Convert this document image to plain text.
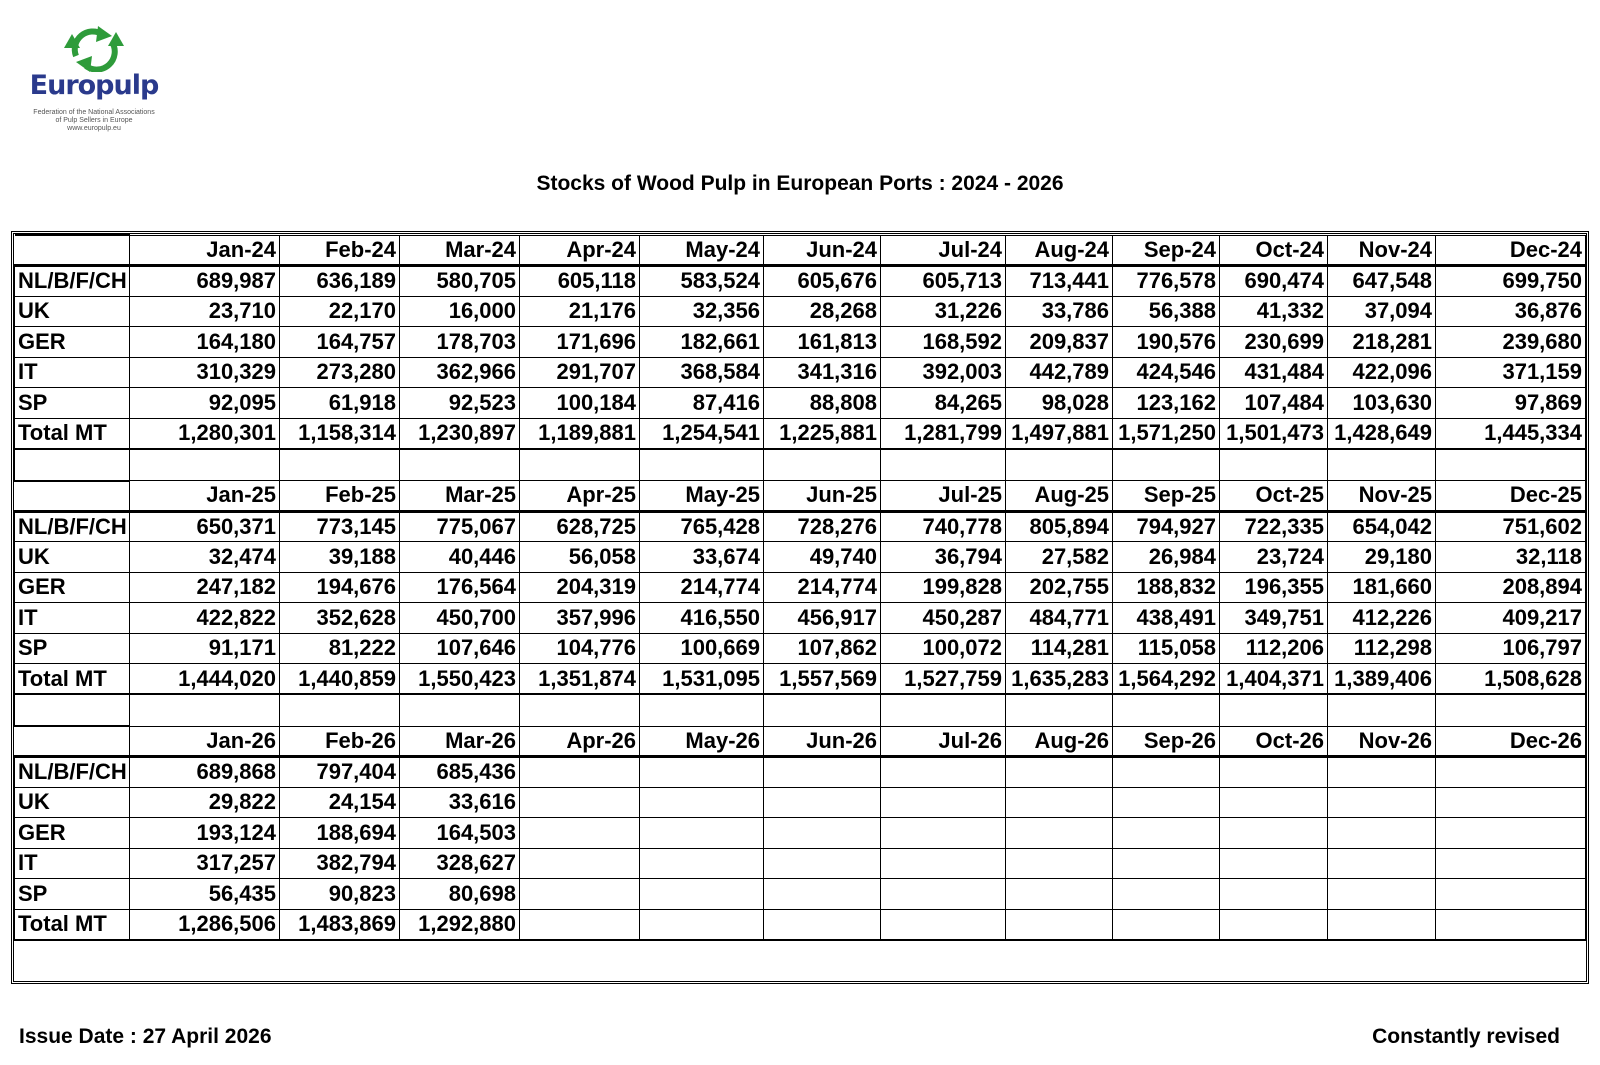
Europulp
Federation of the National Associations
of Pulp Sellers in Europe
www.europulp.eu
Stocks of Wood Pulp in European Ports : 2024 - 2026
	Jan-24	Feb-24	Mar-24	Apr-24	May-24	Jun-24	Jul-24	Aug-24	Sep-24	Oct-24	Nov-24	Dec-24
NL/B/F/CH	689,987	636,189	580,705	605,118	583,524	605,676	605,713	713,441	776,578	690,474	647,548	699,750
UK	23,710	22,170	16,000	21,176	32,356	28,268	31,226	33,786	56,388	41,332	37,094	36,876
GER	164,180	164,757	178,703	171,696	182,661	161,813	168,592	209,837	190,576	230,699	218,281	239,680
IT	310,329	273,280	362,966	291,707	368,584	341,316	392,003	442,789	424,546	431,484	422,096	371,159
SP	92,095	61,918	92,523	100,184	87,416	88,808	84,265	98,028	123,162	107,484	103,630	97,869
Total MT	1,280,301	1,158,314	1,230,897	1,189,881	1,254,541	1,225,881	1,281,799	1,497,881	1,571,250	1,501,473	1,428,649	1,445,334

	Jan-25	Feb-25	Mar-25	Apr-25	May-25	Jun-25	Jul-25	Aug-25	Sep-25	Oct-25	Nov-25	Dec-25
NL/B/F/CH	650,371	773,145	775,067	628,725	765,428	728,276	740,778	805,894	794,927	722,335	654,042	751,602
UK	32,474	39,188	40,446	56,058	33,674	49,740	36,794	27,582	26,984	23,724	29,180	32,118
GER	247,182	194,676	176,564	204,319	214,774	214,774	199,828	202,755	188,832	196,355	181,660	208,894
IT	422,822	352,628	450,700	357,996	416,550	456,917	450,287	484,771	438,491	349,751	412,226	409,217
SP	91,171	81,222	107,646	104,776	100,669	107,862	100,072	114,281	115,058	112,206	112,298	106,797
Total MT	1,444,020	1,440,859	1,550,423	1,351,874	1,531,095	1,557,569	1,527,759	1,635,283	1,564,292	1,404,371	1,389,406	1,508,628

	Jan-26	Feb-26	Mar-26	Apr-26	May-26	Jun-26	Jul-26	Aug-26	Sep-26	Oct-26	Nov-26	Dec-26
NL/B/F/CH	689,868	797,404	685,436									
UK	29,822	24,154	33,616									
GER	193,124	188,694	164,503									
IT	317,257	382,794	328,627									
SP	56,435	90,823	80,698									
Total MT	1,286,506	1,483,869	1,292,880									
Issue Date : 27 April 2026	Constantly revised
